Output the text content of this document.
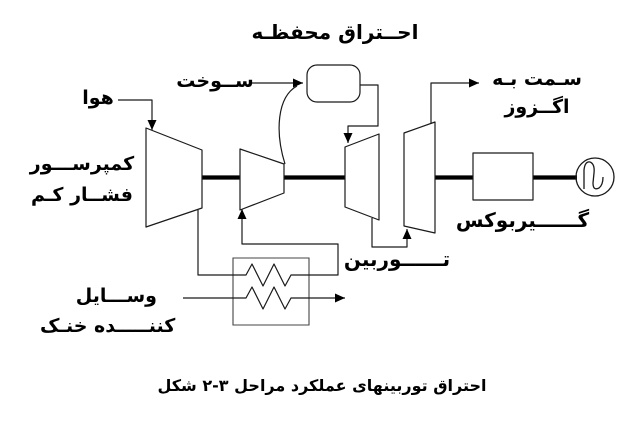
محفظـه احــتراق
ســوخت
هوا
کمپرســـور
کـم فشــار
بـه سـمت
اگــزوز
گــــــیربوکس
تــــــوربین
وســـایل
خنـک کننـــــده
شکل ۲-۳ مراحل عملکرد توربینهای احتراق
